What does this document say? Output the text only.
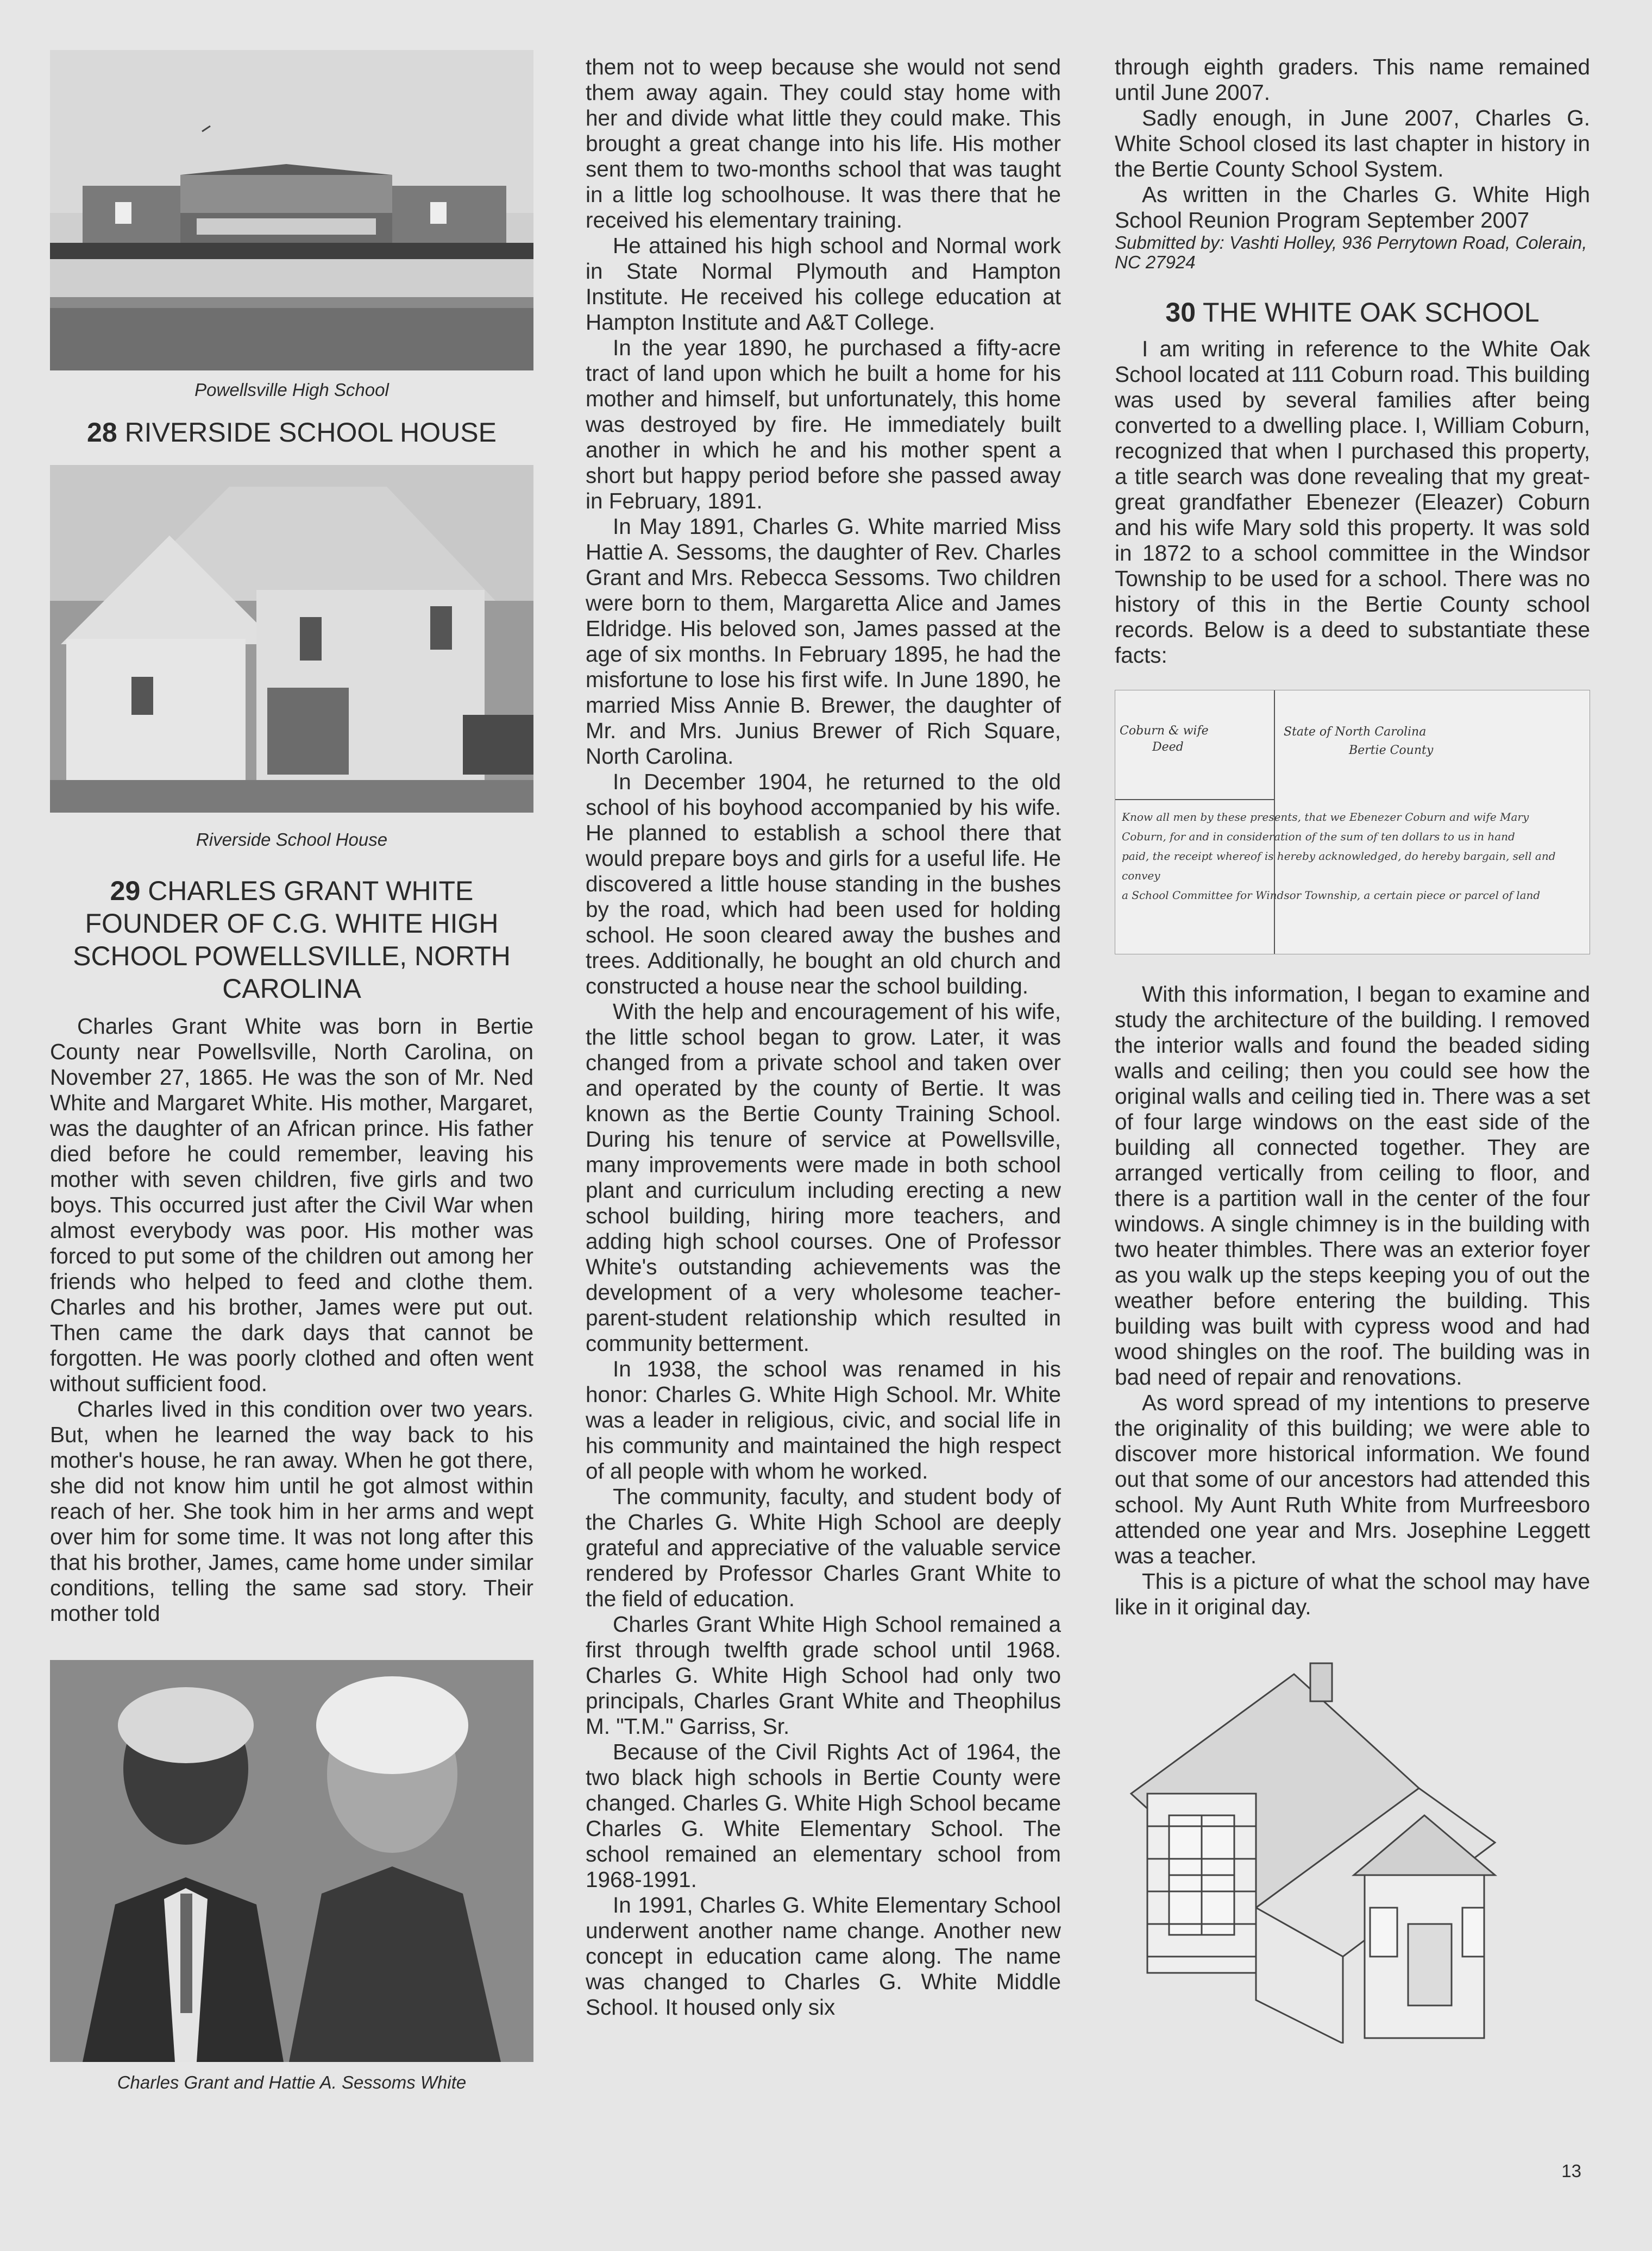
Powellsville High School
28 RIVERSIDE SCHOOL HOUSE
Riverside School House
29 CHARLES GRANT WHITE FOUNDER OF C.G. WHITE HIGH SCHOOL POWELLSVILLE, NORTH CAROLINA

Charles Grant White was born in Bertie County near Powellsville, North Carolina, on November 27, 1865. He was the son of Mr. Ned White and Margaret White. His mother, Margaret, was the daughter of an African prince. His father died before he could remember, leaving his mother with seven children, five girls and two boys. This occurred just after the Civil War when almost everybody was poor. His mother was forced to put some of the children out among her friends who helped to feed and clothe them. Charles and his brother, James were put out. Then came the dark days that cannot be forgotten. He was poorly clothed and often went without sufficient food.

Charles lived in this condition over two years. But, when he learned the way back to his mother's house, he ran away. When he got there, she did not know him until he got almost within reach of her. She took him in her arms and wept over him for some time. It was not long after this that his brother, James, came home under similar conditions, telling the same sad story. Their mother told

Charles Grant and Hattie A. Sessoms White

them not to weep because she would not send them away again. They could stay home with her and divide what little they could make. This brought a great change into his life. His mother sent them to two-months school that was taught in a little log schoolhouse. It was there that he received his elementary training.

He attained his high school and Normal work in State Normal Plymouth and Hampton Institute. He received his college education at Hampton Institute and A&T College.

In the year 1890, he purchased a fifty-acre tract of land upon which he built a home for his mother and himself, but unfortunately, this home was destroyed by fire. He immediately built another in which he and his mother spent a short but happy period before she passed away in February, 1891.

In May 1891, Charles G. White married Miss Hattie A. Sessoms, the daughter of Rev. Charles Grant and Mrs. Rebecca Sessoms. Two children were born to them, Margaretta Alice and James Eldridge. His beloved son, James passed at the age of six months. In February 1895, he had the misfortune to lose his first wife. In June 1890, he married Miss Annie B. Brewer, the daughter of Mr. and Mrs. Junius Brewer of Rich Square, North Carolina.

In December 1904, he returned to the old school of his boyhood accompanied by his wife. He planned to establish a school there that would prepare boys and girls for a useful life. He discovered a little house standing in the bushes by the road, which had been used for holding school. He soon cleared away the bushes and trees. Additionally, he bought an old church and constructed a house near the school building.

With the help and encouragement of his wife, the little school began to grow. Later, it was changed from a private school and taken over and operated by the county of Bertie. It was known as the Bertie County Training School. During his tenure of service at Powellsville, many improvements were made in both school plant and curriculum including erecting a new school building, hiring more teachers, and adding high school courses. One of Professor White's outstanding achievements was the development of a very wholesome teacher-parent-student relationship which resulted in community betterment.

In 1938, the school was renamed in his honor: Charles G. White High School. Mr. White was a leader in religious, civic, and social life in his community and maintained the high respect of all people with whom he worked.

The community, faculty, and student body of the Charles G. White High School are deeply grateful and appreciative of the valuable service rendered by Professor Charles Grant White to the field of education.

Charles Grant White High School remained a first through twelfth grade school until 1968. Charles G. White High School had only two principals, Charles Grant White and Theophilus M. "T.M." Garriss, Sr.

Because of the Civil Rights Act of 1964, the two black high schools in Bertie County were changed. Charles G. White High School became Charles G. White Elementary School. The school remained an elementary school from 1968-1991.

In 1991, Charles G. White Elementary School underwent another name change. Another new concept in education came along. The name was changed to Charles G. White Middle School. It housed only six

through eighth graders. This name remained until June 2007.

Sadly enough, in June 2007, Charles G. White School closed its last chapter in history in the Bertie County School System.

As written in the Charles G. White High School Reunion Program September 2007

Submitted by: Vashti Holley, 936 Perrytown Road, Colerain, NC 27924
30 THE WHITE OAK SCHOOL

I am writing in reference to the White Oak School located at 111 Coburn road. This building was used by several families after being converted to a dwelling place. I, William Coburn, recognized that when I purchased this property, a title search was done revealing that my great-great grandfather Ebenezer (Eleazer) Coburn and his wife Mary sold this property. It was sold in 1872 to a school committee in the Windsor Township to be used for a school. There was no history of this in the Bertie County school records. Below is a deed to substantiate these facts:

Coburn & wife
Deed
State of North Carolina
Bertie County
Know all men by these presents, that we Ebenezer Coburn and wife Mary
Coburn, for and in consideration of the sum of ten dollars to us in hand
paid, the receipt whereof is hereby acknowledged, do hereby bargain, sell and convey
a School Committee for Windsor Township, a certain piece or parcel of land

With this information, I began to examine and study the architecture of the building. I removed the interior walls and found the beaded siding walls and ceiling; then you could see how the original walls and ceiling tied in. There was a set of four large windows on the east side of the building all connected together. They are arranged vertically from ceiling to floor, and there is a partition wall in the center of the four windows. A single chimney is in the building with two heater thimbles. There was an exterior foyer as you walk up the steps keeping you of out the weather before entering the building. This building was built with cypress wood and had wood shingles on the roof. The building was in bad need of repair and renovations.

As word spread of my intentions to preserve the originality of this building; we were able to discover more historical information. We found out that some of our ancestors had attended this school. My Aunt Ruth White from Murfreesboro attended one year and Mrs. Josephine Leggett was a teacher.

This is a picture of what the school may have like in it original day.

13
